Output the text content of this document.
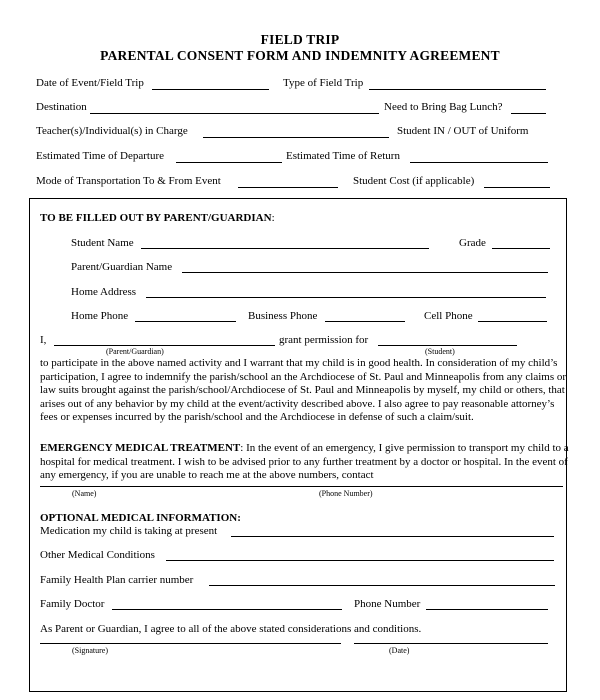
FIELD TRIP
PARENTAL CONSENT FORM AND INDEMNITY AGREEMENT
Date of Event/Field Trip	Type of Field Trip
Destination	Need to Bring Bag Lunch?
Teacher(s)/Individual(s) in Charge	Student IN / OUT of Uniform
Estimated Time of Departure	Estimated Time of Return
Mode of Transportation To & From Event	Student Cost (if applicable)
TO BE FILLED OUT BY PARENT/GUARDIAN:
Student Name	Grade
Parent/Guardian Name
Home Address
Home Phone	Business Phone	Cell Phone
I,	grant permission for
(Parent/Guardian)	(Student)
to participate in the above named activity and I warrant that my child is in good health. In consideration of my child’s participation, I agree to indemnify the parish/school an the Archdiocese of St. Paul and Minneapolis from any claims or law suits brought against the parish/school/Archdiocese of St. Paul and Minneapolis by myself, my child or others, that arises out of any behavior by my child at the event/activity described above. I also agree to pay reasonable attorney’s fees or expenses incurred by the parish/school and the Archdiocese in defense of such a claim/suit.
EMERGENCY MEDICAL TREATMENT: In the event of an emergency, I give permission to transport my child to a hospital for medical treatment. I wish to be advised prior to any further treatment by a doctor or hospital. In the event of any emergency, if you are unable to reach me at the above numbers, contact
(Name)	(Phone Number)
OPTIONAL MEDICAL INFORMATION:
Medication my child is taking at present
Other Medical Conditions
Family Health Plan carrier number
Family Doctor	Phone Number
As Parent or Guardian, I agree to all of the above stated considerations and conditions.
(Signature)	(Date)
